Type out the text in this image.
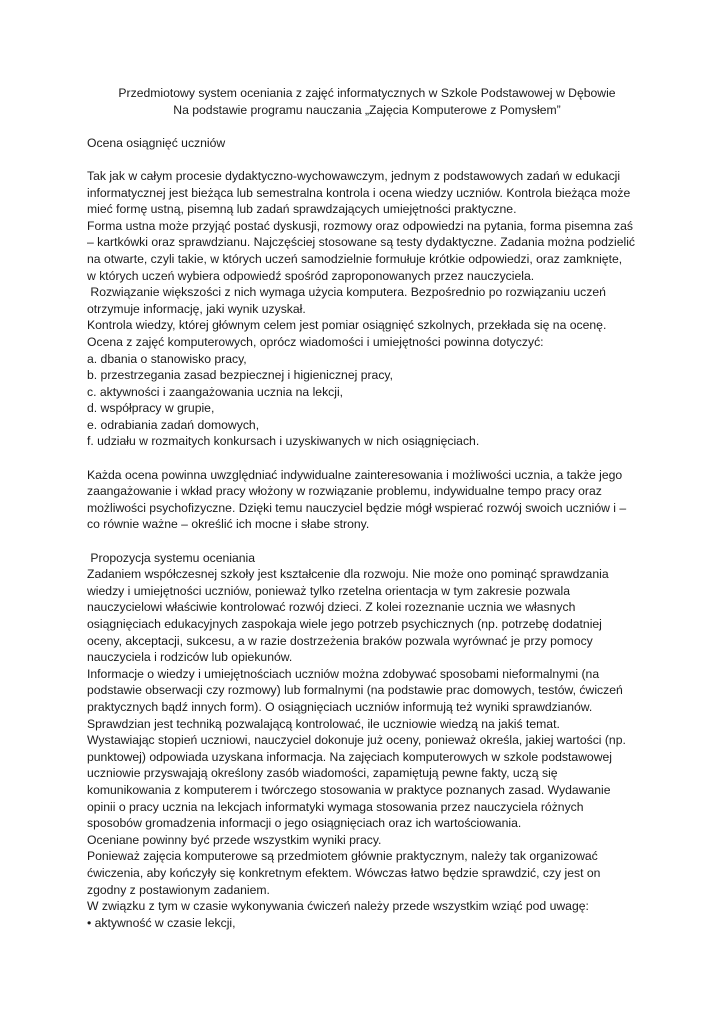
Przedmiotowy system oceniania z zajęć informatycznych w Szkole Podstawowej w Dębowie
Na podstawie programu nauczania „Zajęcia Komputerowe z Pomysłem”
Ocena osiągnięć uczniów
Tak jak w całym procesie dydaktyczno-wychowawczym, jednym z podstawowych zadań w edukacji
informatycznej jest bieżąca lub semestralna kontrola i ocena wiedzy uczniów. Kontrola bieżąca może
mieć formę ustną, pisemną lub zadań sprawdzających umiejętności praktyczne.
Forma ustna może przyjąć postać dyskusji, rozmowy oraz odpowiedzi na pytania, forma pisemna zaś
– kartkówki oraz sprawdzianu. Najczęściej stosowane są testy dydaktyczne. Zadania można podzielić
na otwarte, czyli takie, w których uczeń samodzielnie formułuje krótkie odpowiedzi, oraz zamknięte,
w których uczeń wybiera odpowiedź spośród zaproponowanych przez nauczyciela.
Rozwiązanie większości z nich wymaga użycia komputera. Bezpośrednio po rozwiązaniu uczeń
otrzymuje informację, jaki wynik uzyskał.
Kontrola wiedzy, której głównym celem jest pomiar osiągnięć szkolnych, przekłada się na ocenę.
Ocena z zajęć komputerowych, oprócz wiadomości i umiejętności powinna dotyczyć:
a. dbania o stanowisko pracy,
b. przestrzegania zasad bezpiecznej i higienicznej pracy,
c. aktywności i zaangażowania ucznia na lekcji,
d. współpracy w grupie,
e. odrabiania zadań domowych,
f. udziału w rozmaitych konkursach i uzyskiwanych w nich osiągnięciach.
Każda ocena powinna uwzględniać indywidualne zainteresowania i możliwości ucznia, a także jego
zaangażowanie i wkład pracy włożony w rozwiązanie problemu, indywidualne tempo pracy oraz
możliwości psychofizyczne. Dzięki temu nauczyciel będzie mógł wspierać rozwój swoich uczniów i –
co równie ważne – określić ich mocne i słabe strony.
Propozycja systemu oceniania
Zadaniem współczesnej szkoły jest kształcenie dla rozwoju. Nie może ono pominąć sprawdzania
wiedzy i umiejętności uczniów, ponieważ tylko rzetelna orientacja w tym zakresie pozwala
nauczycielowi właściwie kontrolować rozwój dzieci. Z kolei rozeznanie ucznia we własnych
osiągnięciach edukacyjnych zaspokaja wiele jego potrzeb psychicznych (np. potrzebę dodatniej
oceny, akceptacji, sukcesu, a w razie dostrzeżenia braków pozwala wyrównać je przy pomocy
nauczyciela i rodziców lub opiekunów.
Informacje o wiedzy i umiejętnościach uczniów można zdobywać sposobami nieformalnymi (na
podstawie obserwacji czy rozmowy) lub formalnymi (na podstawie prac domowych, testów, ćwiczeń
praktycznych bądź innych form). O osiągnięciach uczniów informują też wyniki sprawdzianów.
Sprawdzian jest techniką pozwalającą kontrolować, ile uczniowie wiedzą na jakiś temat.
Wystawiając stopień uczniowi, nauczyciel dokonuje już oceny, ponieważ określa, jakiej wartości (np.
punktowej) odpowiada uzyskana informacja. Na zajęciach komputerowych w szkole podstawowej
uczniowie przyswajają określony zasób wiadomości, zapamiętują pewne fakty, uczą się
komunikowania z komputerem i twórczego stosowania w praktyce poznanych zasad. Wydawanie
opinii o pracy ucznia na lekcjach informatyki wymaga stosowania przez nauczyciela różnych
sposobów gromadzenia informacji o jego osiągnięciach oraz ich wartościowania.
Oceniane powinny być przede wszystkim wyniki pracy.
Ponieważ zajęcia komputerowe są przedmiotem głównie praktycznym, należy tak organizować
ćwiczenia, aby kończyły się konkretnym efektem. Wówczas łatwo będzie sprawdzić, czy jest on
zgodny z postawionym zadaniem.
W związku z tym w czasie wykonywania ćwiczeń należy przede wszystkim wziąć pod uwagę:
• aktywność w czasie lekcji,
